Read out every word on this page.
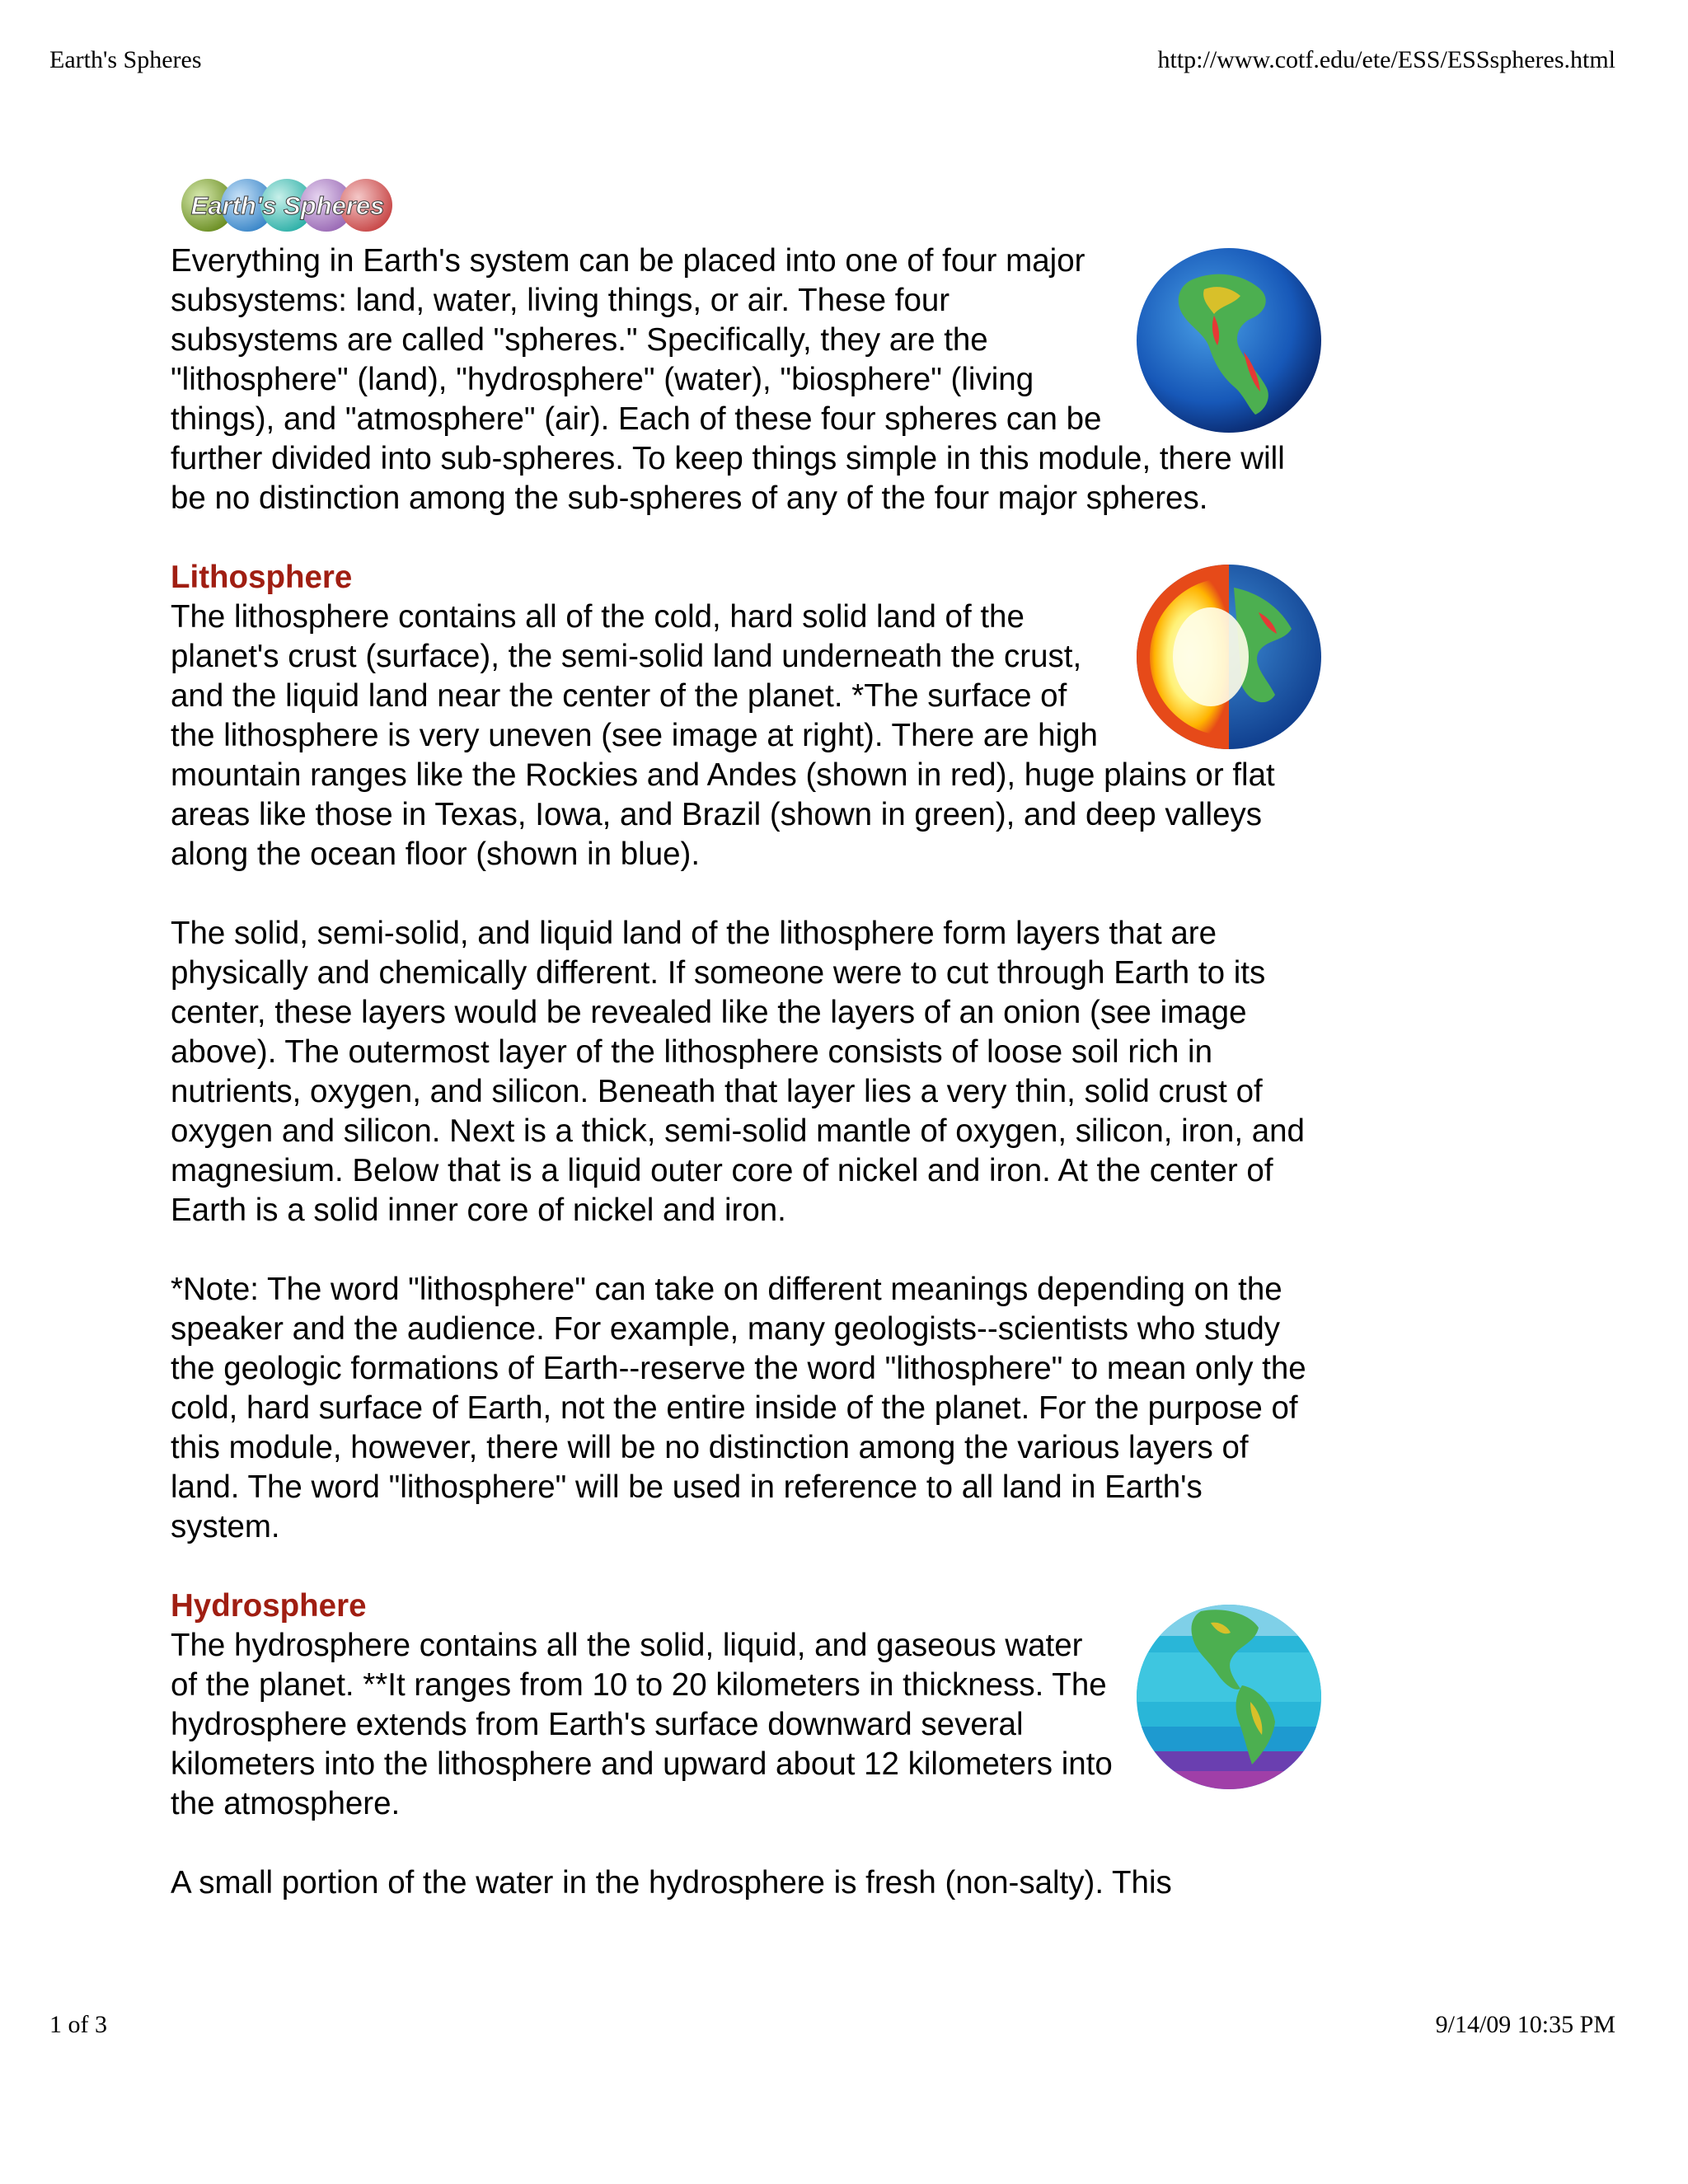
Earth's Spheres	http://www.cotf.edu/ete/ESS/ESSspheres.html
Earth's Spheres

Everything in Earth's system can be placed into one of four major subsystems: land, water, living things, or air. These four subsystems are called "spheres." Specifically, they are the "lithosphere" (land), "hydrosphere" (water), "biosphere" (living things), and "atmosphere" (air). Each of these four spheres can be further divided into sub-spheres. To keep things simple in this module, there will be no distinction among the sub-spheres of any of the four major spheres.

Lithosphere

The lithosphere contains all of the cold, hard solid land of the planet's crust (surface), the semi-solid land underneath the crust, and the liquid land near the center of the planet. *The surface of the lithosphere is very uneven (see image at right). There are high mountain ranges like the Rockies and Andes (shown in red), huge plains or flat areas like those in Texas, Iowa, and Brazil (shown in green), and deep valleys along the ocean floor (shown in blue).

The solid, semi-solid, and liquid land of the lithosphere form layers that are physically and chemically different. If someone were to cut through Earth to its center, these layers would be revealed like the layers of an onion (see image above). The outermost layer of the lithosphere consists of loose soil rich in nutrients, oxygen, and silicon. Beneath that layer lies a very thin, solid crust of oxygen and silicon. Next is a thick, semi-solid mantle of oxygen, silicon, iron, and magnesium. Below that is a liquid outer core of nickel and iron. At the center of Earth is a solid inner core of nickel and iron.

*Note: The word "lithosphere" can take on different meanings depending on the speaker and the audience. For example, many geologists--scientists who study the geologic formations of Earth--reserve the word "lithosphere" to mean only the cold, hard surface of Earth, not the entire inside of the planet. For the purpose of this module, however, there will be no distinction among the various layers of land. The word "lithosphere" will be used in reference to all land in Earth's system.

Hydrosphere

The hydrosphere contains all the solid, liquid, and gaseous water of the planet. **It ranges from 10 to 20 kilometers in thickness. The hydrosphere extends from Earth's surface downward several kilometers into the lithosphere and upward about 12 kilometers into the atmosphere.

A small portion of the water in the hydrosphere is fresh (non-salty). This

1 of 3	9/14/09 10:35 PM
